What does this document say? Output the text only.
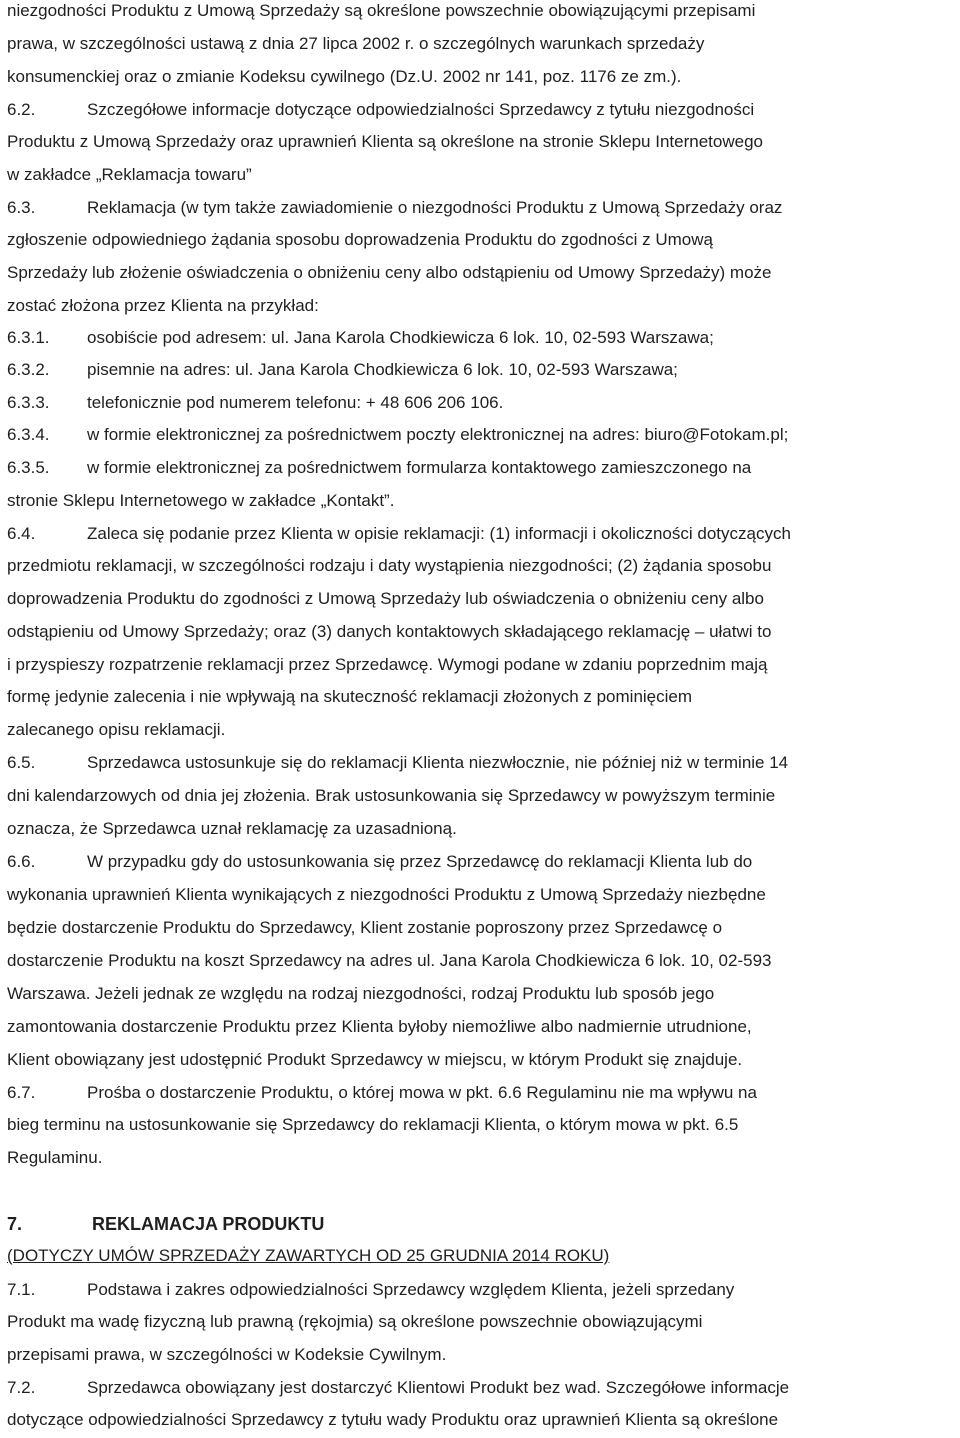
niezgodności Produktu z Umową Sprzedaży są określone powszechnie obowiązującymi przepisami
prawa, w szczególności ustawą z dnia 27 lipca 2002 r. o szczególnych warunkach sprzedaży
konsumenckiej oraz o zmianie Kodeksu cywilnego (Dz.U. 2002 nr 141, poz. 1176 ze zm.).
6.2.	Szczegółowe informacje dotyczące odpowiedzialności Sprzedawcy z tytułu niezgodności
Produktu z Umową Sprzedaży oraz uprawnień Klienta są określone na stronie Sklepu Internetowego
w zakładce „Reklamacja towaru”
6.3.	Reklamacja (w tym także zawiadomienie o niezgodności Produktu z Umową Sprzedaży oraz
zgłoszenie odpowiedniego żądania sposobu doprowadzenia Produktu do zgodności z Umową
Sprzedaży lub złożenie oświadczenia o obniżeniu ceny albo odstąpieniu od Umowy Sprzedaży) może
zostać złożona przez Klienta na przykład:
6.3.1. osobiście pod adresem: ul. Jana Karola Chodkiewicza 6 lok. 10, 02-593 Warszawa;
6.3.2. pisemnie na adres: ul. Jana Karola Chodkiewicza 6 lok. 10, 02-593 Warszawa;
6.3.3. telefonicznie pod numerem telefonu: + 48 606 206 106.
6.3.4. w formie elektronicznej za pośrednictwem poczty elektronicznej na adres: biuro@Fotokam.pl;
6.3.5. w formie elektronicznej za pośrednictwem formularza kontaktowego zamieszczonego na
stronie Sklepu Internetowego w zakładce „Kontakt”.
6.4.	Zaleca się podanie przez Klienta w opisie reklamacji: (1) informacji i okoliczności dotyczących
przedmiotu reklamacji, w szczególności rodzaju i daty wystąpienia niezgodności; (2) żądania sposobu
doprowadzenia Produktu do zgodności z Umową Sprzedaży lub oświadczenia o obniżeniu ceny albo
odstąpieniu od Umowy Sprzedaży; oraz (3) danych kontaktowych składającego reklamację – ułatwi to
i przyspieszy rozpatrzenie reklamacji przez Sprzedawcę. Wymogi podane w zdaniu poprzednim mają
formę jedynie zalecenia i nie wpływają na skuteczność reklamacji złożonych z pominięciem
zalecanego opisu reklamacji.
6.5.	Sprzedawca ustosunkuje się do reklamacji Klienta niezwłocznie, nie później niż w terminie 14
dni kalendarzowych od dnia jej złożenia. Brak ustosunkowania się Sprzedawcy w powyższym terminie
oznacza, że Sprzedawca uznał reklamację za uzasadnioną.
6.6.	W przypadku gdy do ustosunkowania się przez Sprzedawcę do reklamacji Klienta lub do
wykonania uprawnień Klienta wynikających z niezgodności Produktu z Umową Sprzedaży niezbędne
będzie dostarczenie Produktu do Sprzedawcy, Klient zostanie poproszony przez Sprzedawcę o
dostarczenie Produktu na koszt Sprzedawcy na adres ul. Jana Karola Chodkiewicza 6 lok. 10, 02-593
Warszawa. Jeżeli jednak ze względu na rodzaj niezgodności, rodzaj Produktu lub sposób jego
zamontowania dostarczenie Produktu przez Klienta byłoby niemożliwe albo nadmiernie utrudnione,
Klient obowiązany jest udostępnić Produkt Sprzedawcy w miejscu, w którym Produkt się znajduje.
6.7.	Prośba o dostarczenie Produktu, o której mowa w pkt. 6.6 Regulaminu nie ma wpływu na
bieg terminu na ustosunkowanie się Sprzedawcy do reklamacji Klienta, o którym mowa w pkt. 6.5
Regulaminu.
7.	REKLAMACJA PRODUKTU
(DOTYCZY UMÓW SPRZEDAŻY ZAWARTYCH OD 25 GRUDNIA 2014 ROKU)
7.1.	Podstawa i zakres odpowiedzialności Sprzedawcy względem Klienta, jeżeli sprzedany
Produkt ma wadę fizyczną lub prawną (rękojmia) są określone powszechnie obowiązującymi
przepisami prawa, w szczególności w Kodeksie Cywilnym.
7.2.	Sprzedawca obowiązany jest dostarczyć Klientowi Produkt bez wad. Szczegółowe informacje
dotyczące odpowiedzialności Sprzedawcy z tytułu wady Produktu oraz uprawnień Klienta są określone
